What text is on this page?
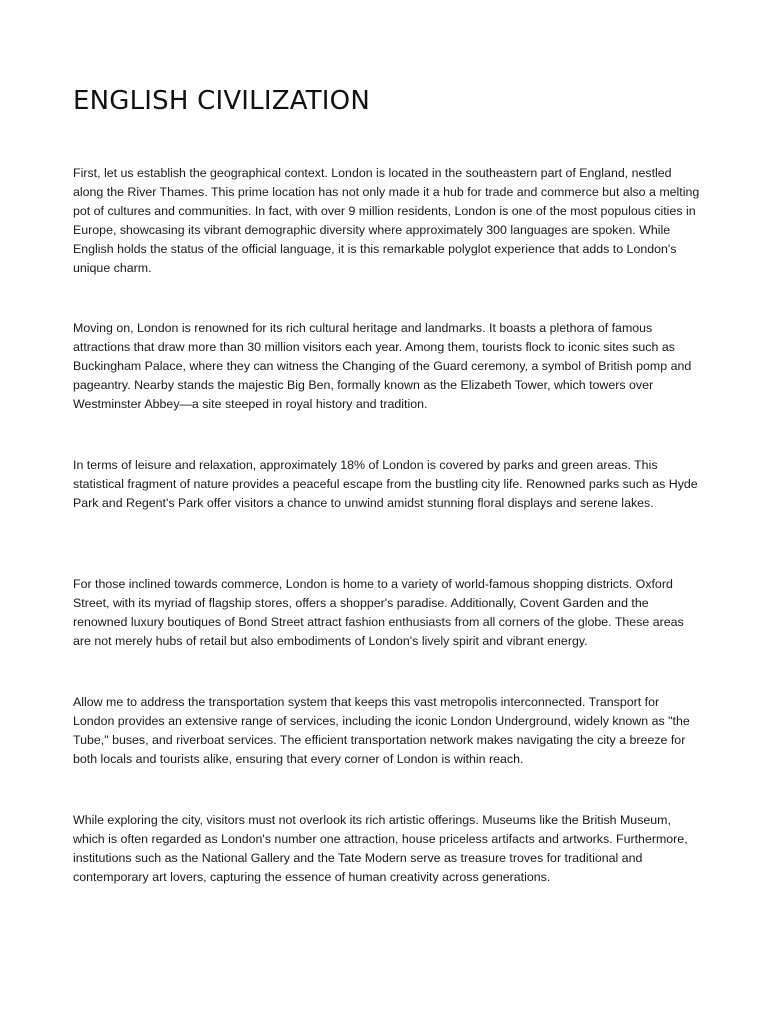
ENGLISH CIVILIZATION

First, let us establish the geographical context. London is located in the southeastern part of England, nestled along the River Thames. This prime location has not only made it a hub for trade and commerce but also a melting pot of cultures and communities. In fact, with over 9 million residents, London is one of the most populous cities in Europe, showcasing its vibrant demographic diversity where approximately 300 languages are spoken. While English holds the status of the official language, it is this remarkable polyglot experience that adds to London's unique charm.

Moving on, London is renowned for its rich cultural heritage and landmarks. It boasts a plethora of famous attractions that draw more than 30 million visitors each year. Among them, tourists flock to iconic sites such as Buckingham Palace, where they can witness the Changing of the Guard ceremony, a symbol of British pomp and pageantry. Nearby stands the majestic Big Ben, formally known as the Elizabeth Tower, which towers over Westminster Abbey—a site steeped in royal history and tradition.

In terms of leisure and relaxation, approximately 18% of London is covered by parks and green areas. This statistical fragment of nature provides a peaceful escape from the bustling city life. Renowned parks such as Hyde Park and Regent's Park offer visitors a chance to unwind amidst stunning floral displays and serene lakes.

For those inclined towards commerce, London is home to a variety of world-famous shopping districts. Oxford Street, with its myriad of flagship stores, offers a shopper's paradise. Additionally, Covent Garden and the renowned luxury boutiques of Bond Street attract fashion enthusiasts from all corners of the globe. These areas are not merely hubs of retail but also embodiments of London's lively spirit and vibrant energy.

Allow me to address the transportation system that keeps this vast metropolis interconnected. Transport for London provides an extensive range of services, including the iconic London Underground, widely known as "the Tube," buses, and riverboat services. The efficient transportation network makes navigating the city a breeze for both locals and tourists alike, ensuring that every corner of London is within reach.

While exploring the city, visitors must not overlook its rich artistic offerings. Museums like the British Museum, which is often regarded as London's number one attraction, house priceless artifacts and artworks. Furthermore, institutions such as the National Gallery and the Tate Modern serve as treasure troves for traditional and contemporary art lovers, capturing the essence of human creativity across generations.
